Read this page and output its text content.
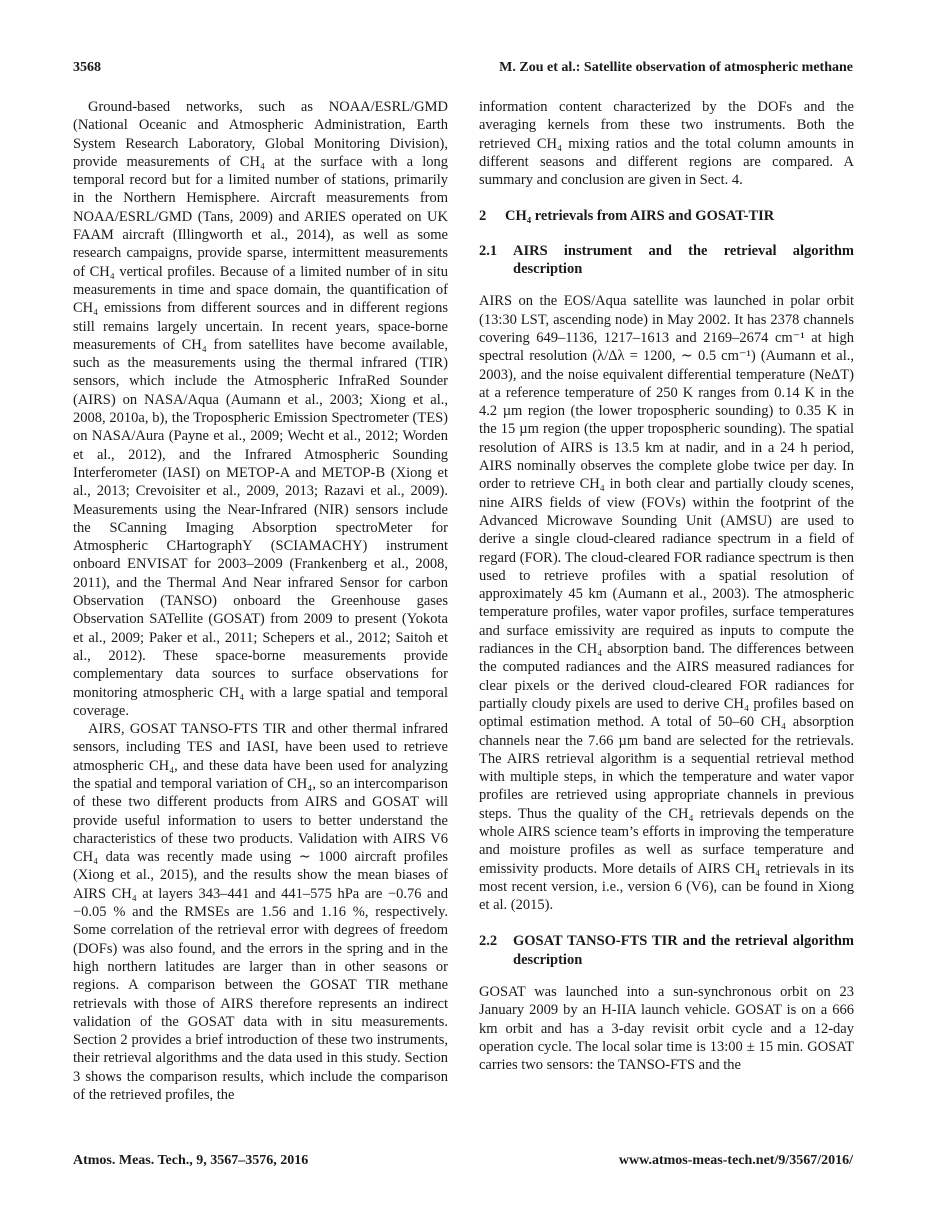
3568	M. Zou et al.: Satellite observation of atmospheric methane

Ground-based networks, such as NOAA/ESRL/GMD (National Oceanic and Atmospheric Administration, Earth System Research Laboratory, Global Monitoring Division), provide measurements of CH₄ at the surface with a long temporal record but for a limited number of stations, primarily in the Northern Hemisphere. Aircraft measurements from NOAA/ESRL/GMD (Tans, 2009) and ARIES operated on UK FAAM aircraft (Illingworth et al., 2014), as well as some research campaigns, provide sparse, intermittent measurements of CH₄ vertical profiles. Because of a limited number of in situ measurements in time and space domain, the quantification of CH₄ emissions from different sources and in different regions still remains largely uncertain. In recent years, space-borne measurements of CH₄ from satellites have become available, such as the measurements using the thermal infrared (TIR) sensors, which include the Atmospheric InfraRed Sounder (AIRS) on NASA/Aqua (Aumann et al., 2003; Xiong et al., 2008, 2010a, b), the Tropospheric Emission Spectrometer (TES) on NASA/Aura (Payne et al., 2009; Wecht et al., 2012; Worden et al., 2012), and the Infrared Atmospheric Sounding Interferometer (IASI) on METOP-A and METOP-B (Xiong et al., 2013; Crevoisiter et al., 2009, 2013; Razavi et al., 2009). Measurements using the Near-Infrared (NIR) sensors include the SCanning Imaging Absorption spectroMeter for Atmospheric CHartographY (SCIAMACHY) instrument onboard ENVISAT for 2003–2009 (Frankenberg et al., 2008, 2011), and the Thermal And Near infrared Sensor for carbon Observation (TANSO) onboard the Greenhouse gases Observation SATellite (GOSAT) from 2009 to present (Yokota et al., 2009; Paker et al., 2011; Schepers et al., 2012; Saitoh et al., 2012). These space-borne measurements provide complementary data sources to surface observations for monitoring atmospheric CH₄ with a large spatial and temporal coverage.

AIRS, GOSAT TANSO-FTS TIR and other thermal infrared sensors, including TES and IASI, have been used to retrieve atmospheric CH₄, and these data have been used for analyzing the spatial and temporal variation of CH₄, so an intercomparison of these two different products from AIRS and GOSAT will provide useful information to users to better understand the characteristics of these two products. Validation with AIRS V6 CH₄ data was recently made using ∼ 1000 aircraft profiles (Xiong et al., 2015), and the results show the mean biases of AIRS CH₄ at layers 343–441 and 441–575 hPa are −0.76 and −0.05 % and the RMSEs are 1.56 and 1.16 %, respectively. Some correlation of the retrieval error with degrees of freedom (DOFs) was also found, and the errors in the spring and in the high northern latitudes are larger than in other seasons or regions. A comparison between the GOSAT TIR methane retrievals with those of AIRS therefore represents an indirect validation of the GOSAT data with in situ measurements. Section 2 provides a brief introduction of these two instruments, their retrieval algorithms and the data used in this study. Section 3 shows the comparison results, which include the comparison of the retrieved profiles, the

information content characterized by the DOFs and the averaging kernels from these two instruments. Both the retrieved CH₄ mixing ratios and the total column amounts in different seasons and different regions are compared. A summary and conclusion are given in Sect. 4.

2 CH₄ retrievals from AIRS and GOSAT-TIR
2.1	AIRS instrument and the retrieval algorithm description

AIRS on the EOS/Aqua satellite was launched in polar orbit (13:30 LST, ascending node) in May 2002. It has 2378 channels covering 649–1136, 1217–1613 and 2169–2674 cm⁻¹ at high spectral resolution (λ/Δλ = 1200, ∼ 0.5 cm⁻¹) (Aumann et al., 2003), and the noise equivalent differential temperature (NeΔT) at a reference temperature of 250 K ranges from 0.14 K in the 4.2 µm region (the lower tropospheric sounding) to 0.35 K in the 15 µm region (the upper tropospheric sounding). The spatial resolution of AIRS is 13.5 km at nadir, and in a 24 h period, AIRS nominally observes the complete globe twice per day. In order to retrieve CH₄ in both clear and partially cloudy scenes, nine AIRS fields of view (FOVs) within the footprint of the Advanced Microwave Sounding Unit (AMSU) are used to derive a single cloud-cleared radiance spectrum in a field of regard (FOR). The cloud-cleared FOR radiance spectrum is then used to retrieve profiles with a spatial resolution of approximately 45 km (Aumann et al., 2003). The atmospheric temperature profiles, water vapor profiles, surface temperatures and surface emissivity are required as inputs to compute the radiances in the CH₄ absorption band. The differences between the computed radiances and the AIRS measured radiances for clear pixels or the derived cloud-cleared FOR radiances for partially cloudy pixels are used to derive CH₄ profiles based on optimal estimation method. A total of 50–60 CH₄ absorption channels near the 7.66 µm band are selected for the retrievals. The AIRS retrieval algorithm is a sequential retrieval method with multiple steps, in which the temperature and water vapor profiles are retrieved using appropriate channels in previous steps. Thus the quality of the CH₄ retrievals depends on the whole AIRS science team’s efforts in improving the temperature and moisture profiles as well as surface temperature and emissivity products. More details of AIRS CH₄ retrievals in its most recent version, i.e., version 6 (V6), can be found in Xiong et al. (2015).

2.2	GOSAT TANSO-FTS TIR and the retrieval algorithm description

GOSAT was launched into a sun-synchronous orbit on 23 January 2009 by an H-IIA launch vehicle. GOSAT is on a 666 km orbit and has a 3-day revisit orbit cycle and a 12-day operation cycle. The local solar time is 13:00 ± 15 min. GOSAT carries two sensors: the TANSO-FTS and the

Atmos. Meas. Tech., 9, 3567–3576, 2016	www.atmos-meas-tech.net/9/3567/2016/
